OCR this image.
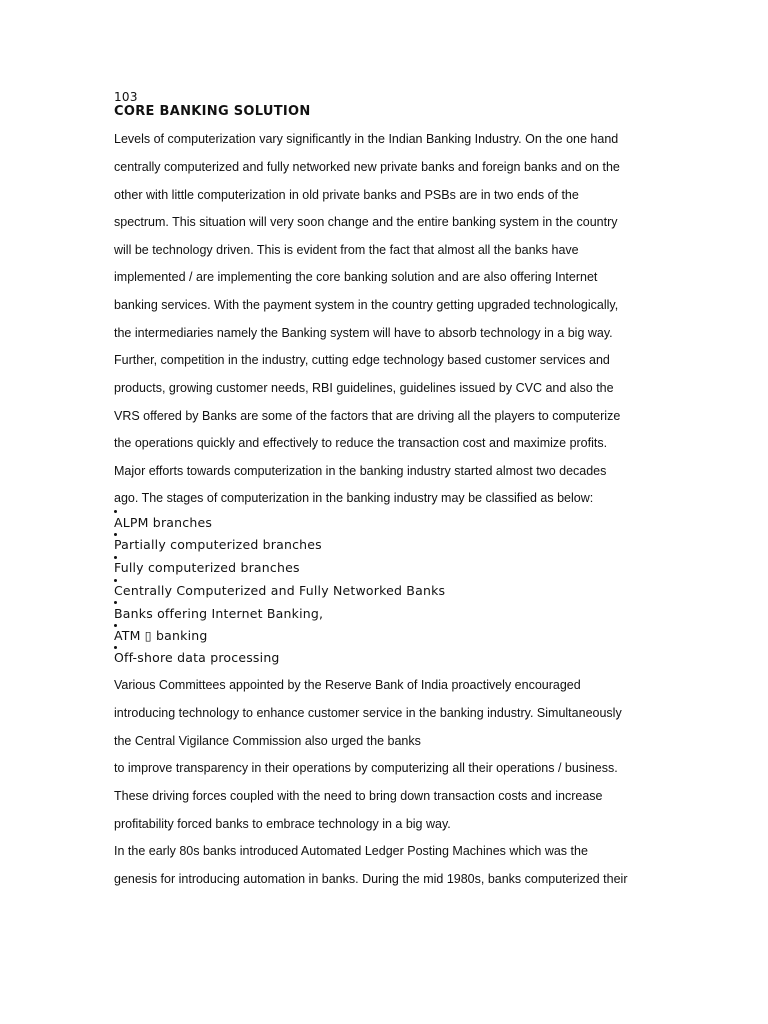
103
CORE BANKING SOLUTION
Levels of computerization vary significantly in the Indian Banking Industry. On the one hand
centrally computerized and fully networked new private banks and foreign banks and on the
other with little computerization in old private banks and PSBs are in two ends of the
spectrum. This situation will very soon change and the entire banking system in the country
will be technology driven. This is evident from the fact that almost all the banks have
implemented / are implementing the core banking solution and are also offering Internet
banking services. With the payment system in the country getting upgraded technologically,
the intermediaries namely the Banking system will have to absorb technology in a big way.
Further, competition in the industry, cutting edge technology based customer services and
products, growing customer needs, RBI guidelines, guidelines issued by CVC and also the
VRS offered by Banks are some of the factors that are driving all the players to computerize
the operations quickly and effectively to reduce the transaction cost and maximize profits.
Major efforts towards computerization in the banking industry started almost two decades
ago. The stages of computerization in the banking industry may be classified as below:
ALPM branches
Partially computerized branches
Fully computerized branches
Centrally Computerized and Fully Networked Banks
Banks offering Internet Banking,
ATM ▯ banking
Off-shore data processing
Various Committees appointed by the Reserve Bank of India proactively encouraged
introducing technology to enhance customer service in the banking industry. Simultaneously
the Central Vigilance Commission also urged the banks
to improve transparency in their operations by computerizing all their operations / business.
These driving forces coupled with the need to bring down transaction costs and increase
profitability forced banks to embrace technology in a big way.
In the early 80s banks introduced Automated Ledger Posting Machines which was the
genesis for introducing automation in banks. During the mid 1980s, banks computerized their
